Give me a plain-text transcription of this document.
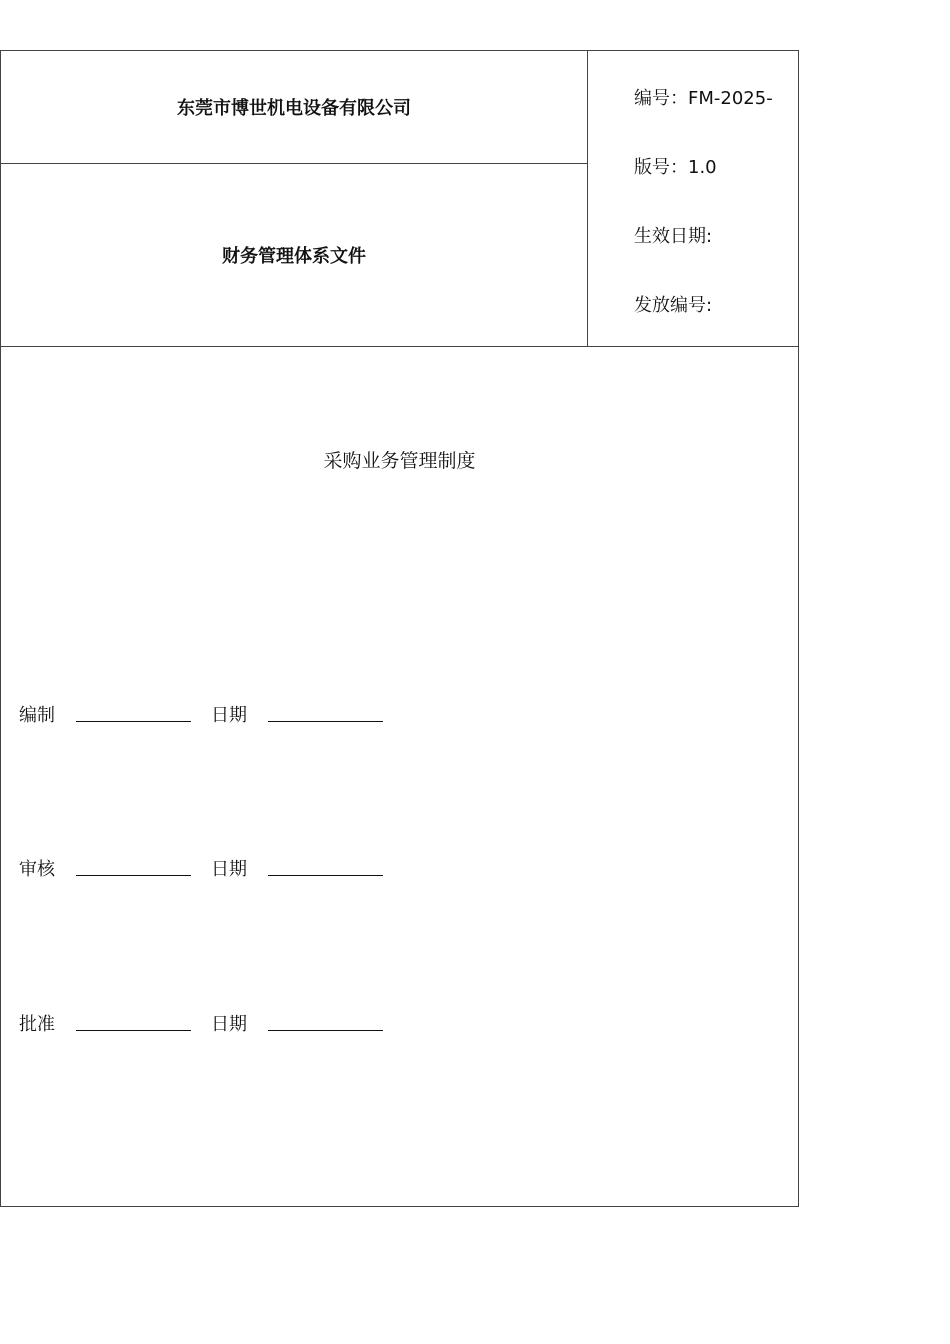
东莞市博世机电设备有限公司
财务管理体系文件
编号：FM-2025-
版号：1.0
生效日期:
发放编号:
采购业务管理制度
编制	日期
审核	日期
批准	日期
